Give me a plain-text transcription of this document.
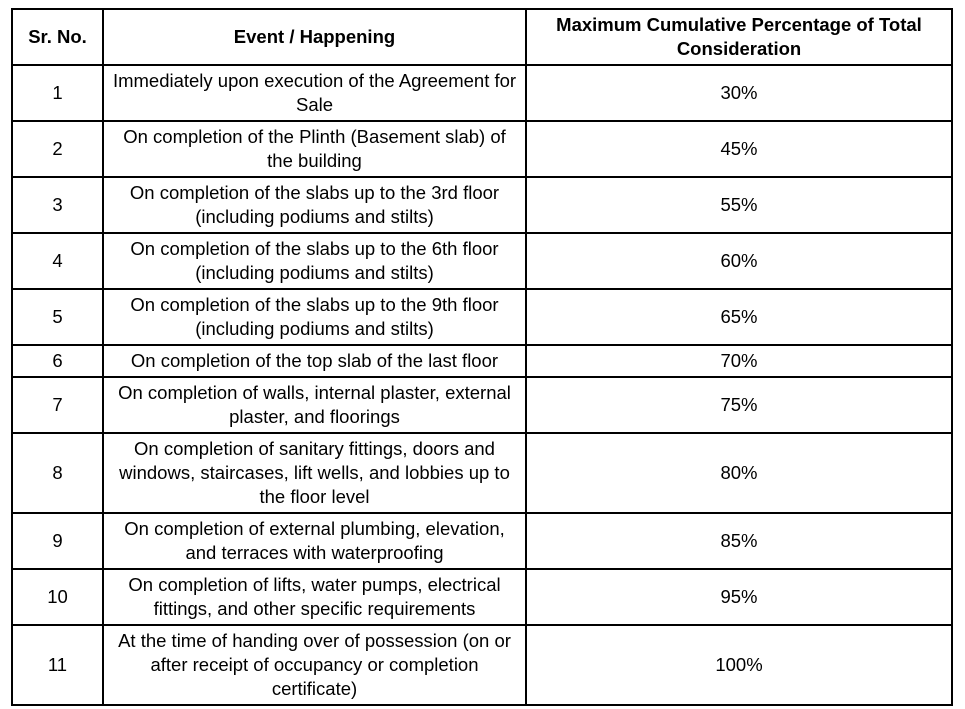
Sr. No.	Event / Happening	Maximum Cumulative Percentage of Total Consideration
1	Immediately upon execution of the Agreement for Sale	30%
2	On completion of the Plinth (Basement slab) of the building	45%
3	On completion of the slabs up to the 3rd floor (including podiums and stilts)	55%
4	On completion of the slabs up to the 6th floor (including podiums and stilts)	60%
5	On completion of the slabs up to the 9th floor (including podiums and stilts)	65%
6	On completion of the top slab of the last floor	70%
7	On completion of walls, internal plaster, external plaster, and floorings	75%
8	On completion of sanitary fittings, doors and windows, staircases, lift wells, and lobbies up to the floor level	80%
9	On completion of external plumbing, elevation, and terraces with waterproofing	85%
10	On completion of lifts, water pumps, electrical fittings, and other specific requirements	95%
11	At the time of handing over of possession (on or after receipt of occupancy or completion certificate)	100%
